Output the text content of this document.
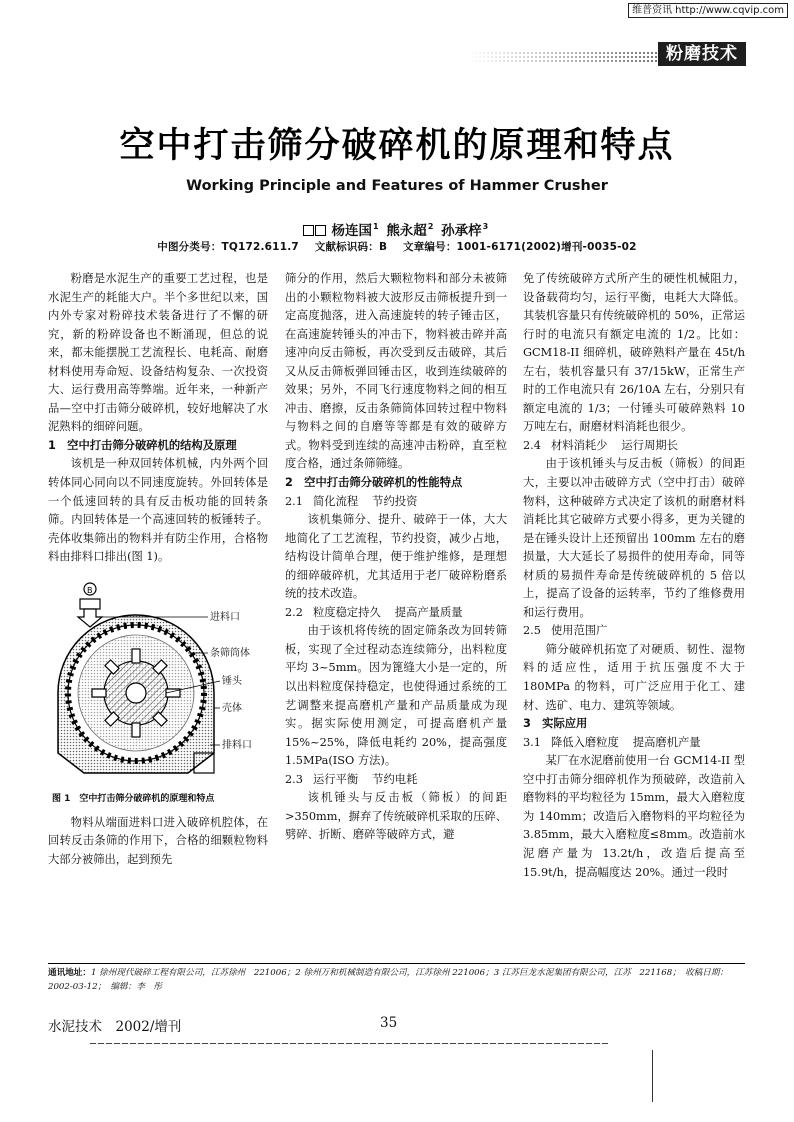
维普资讯 http://www.cqvip.com
粉磨技术
空中打击筛分破碎机的原理和特点
Working Principle and Features of Hammer Crusher
杨连国$^1$ 熊永超$^2$ 孙承梓$^3$
中图分类号：TQ172.611.7 文献标识码：B 文章编号：1001-6171(2002)增刊-0035-02

粉磨是水泥生产的重要工艺过程，也是水泥生产的耗能大户。半个多世纪以来，国内外专家对粉碎技术装备进行了不懈的研究，新的粉碎设备也不断涌现，但总的说来，都未能摆脱工艺流程长、电耗高、耐磨材料使用寿命短、设备结构复杂、一次投资大、运行费用高等弊端。近年来，一种新产品—空中打击筛分破碎机，较好地解决了水泥熟料的细碎问题。

1　空中打击筛分破碎机的结构及原理

该机是一种双回转体机械，内外两个回转体同心同向以不同速度旋转。外回转体是一个低速回转的具有反击板功能的回转条筛。内回转体是一个高速回转的板锤转子。壳体收集筛出的物料并有防尘作用，合格物料由排料口排出(图 1)。

B
进料口
条筛筒体
锤头
壳体
排料口
图 1　空中打击筛分破碎机的原理和特点

物料从端面进料口进入破碎机腔体，在回转反击条筛的作用下，合格的细颗粒物料大部分被筛出，起到预先

筛分的作用，然后大颗粒物料和部分未被筛出的小颗粒物料被大波形反击筛板提升到一定高度抛落，进入高速旋转的转子锤击区，在高速旋转锤头的冲击下，物料被击碎并高速冲向反击筛板，再次受到反击破碎，其后又从反击筛板弹回锤击区，收到连续破碎的效果；另外，不同飞行速度物料之间的相互冲击、磨擦，反击条筛筒体回转过程中物料与物料之间的自磨等等都是有效的破碎方式。物料受到连续的高速冲击粉碎，直至粒度合格，通过条筛筛缝。

2　空中打击筛分破碎机的性能特点
2.1 简化流程 节约投资

该机集筛分、提升、破碎于一体，大大地简化了工艺流程，节约投资，减少占地，结构设计简单合理，便于维护维修，是理想的细碎破碎机，尤其适用于老厂破碎粉磨系统的技术改造。

2.2 粒度稳定持久 提高产量质量

由于该机将传统的固定筛条改为回转筛板，实现了全过程动态连续筛分，出料粒度平均 3~5mm。因为篦缝大小是一定的，所以出料粒度保持稳定，也使得通过系统的工艺调整来提高磨机产量和产品质量成为现实。据实际使用测定，可提高磨机产量 15%~25%，降低电耗约 20%，提高强度 1.5MPa(ISO 方法)。

2.3 运行平衡 节约电耗

该机锤头与反击板（筛板）的间距>350mm，摒弃了传统破碎机采取的压碎、劈碎、折断、磨碎等破碎方式，避

免了传统破碎方式所产生的硬性机械阻力，设备载荷均匀，运行平衡，电耗大大降低。其装机容量只有传统破碎机的 50%，正常运行时的电流只有额定电流的 1/2。比如：GCM18-II 细碎机，破碎熟料产量在 45t/h 左右，装机容量只有 37/15kW，正常生产时的工作电流只有 26/10A 左右，分别只有额定电流的 1/3；一付锤头可破碎熟料 10 万吨左右，耐磨材料消耗也很少。

2.4 材料消耗少 运行周期长

由于该机锤头与反击板（筛板）的间距大，主要以冲击破碎方式（空中打击）破碎物料，这种破碎方式决定了该机的耐磨材料消耗比其它破碎方式要小得多，更为关键的是在锤头设计上还预留出 100mm 左右的磨损量，大大延长了易损件的使用寿命，同等材质的易损件寿命是传统破碎机的 5 倍以上，提高了设备的运转率，节约了维修费用和运行费用。

2.5 使用范围广

筛分破碎机拓宽了对硬质、韧性、湿物料的适应性，适用于抗压强度不大于 180MPa 的物料，可广泛应用于化工、建材、选矿、电力、建筑等领域。

3　实际应用
3.1 降低入磨粒度 提高磨机产量

某厂在水泥磨前使用一台 GCM14-II 型空中打击筛分细碎机作为预破碎，改造前入磨物料的平均粒径为 15mm，最大入磨粒度为 140mm；改造后入磨物料的平均粒径为 3.85mm，最大入磨粒度≤8mm。改造前水泥磨产量为 13.2t/h，改造后提高至 15.9t/h，提高幅度达 20%。通过一段时

通讯地址：1 徐州现代破碎工程有限公司，江苏徐州　221006；2 徐州万和机械制造有限公司，江苏徐州 221006；3 江苏巨龙水泥集团有限公司，江苏　221168；　收稿日期：2002-03-12；　编辑：李　彤
水泥技术　2002/增刊	35
